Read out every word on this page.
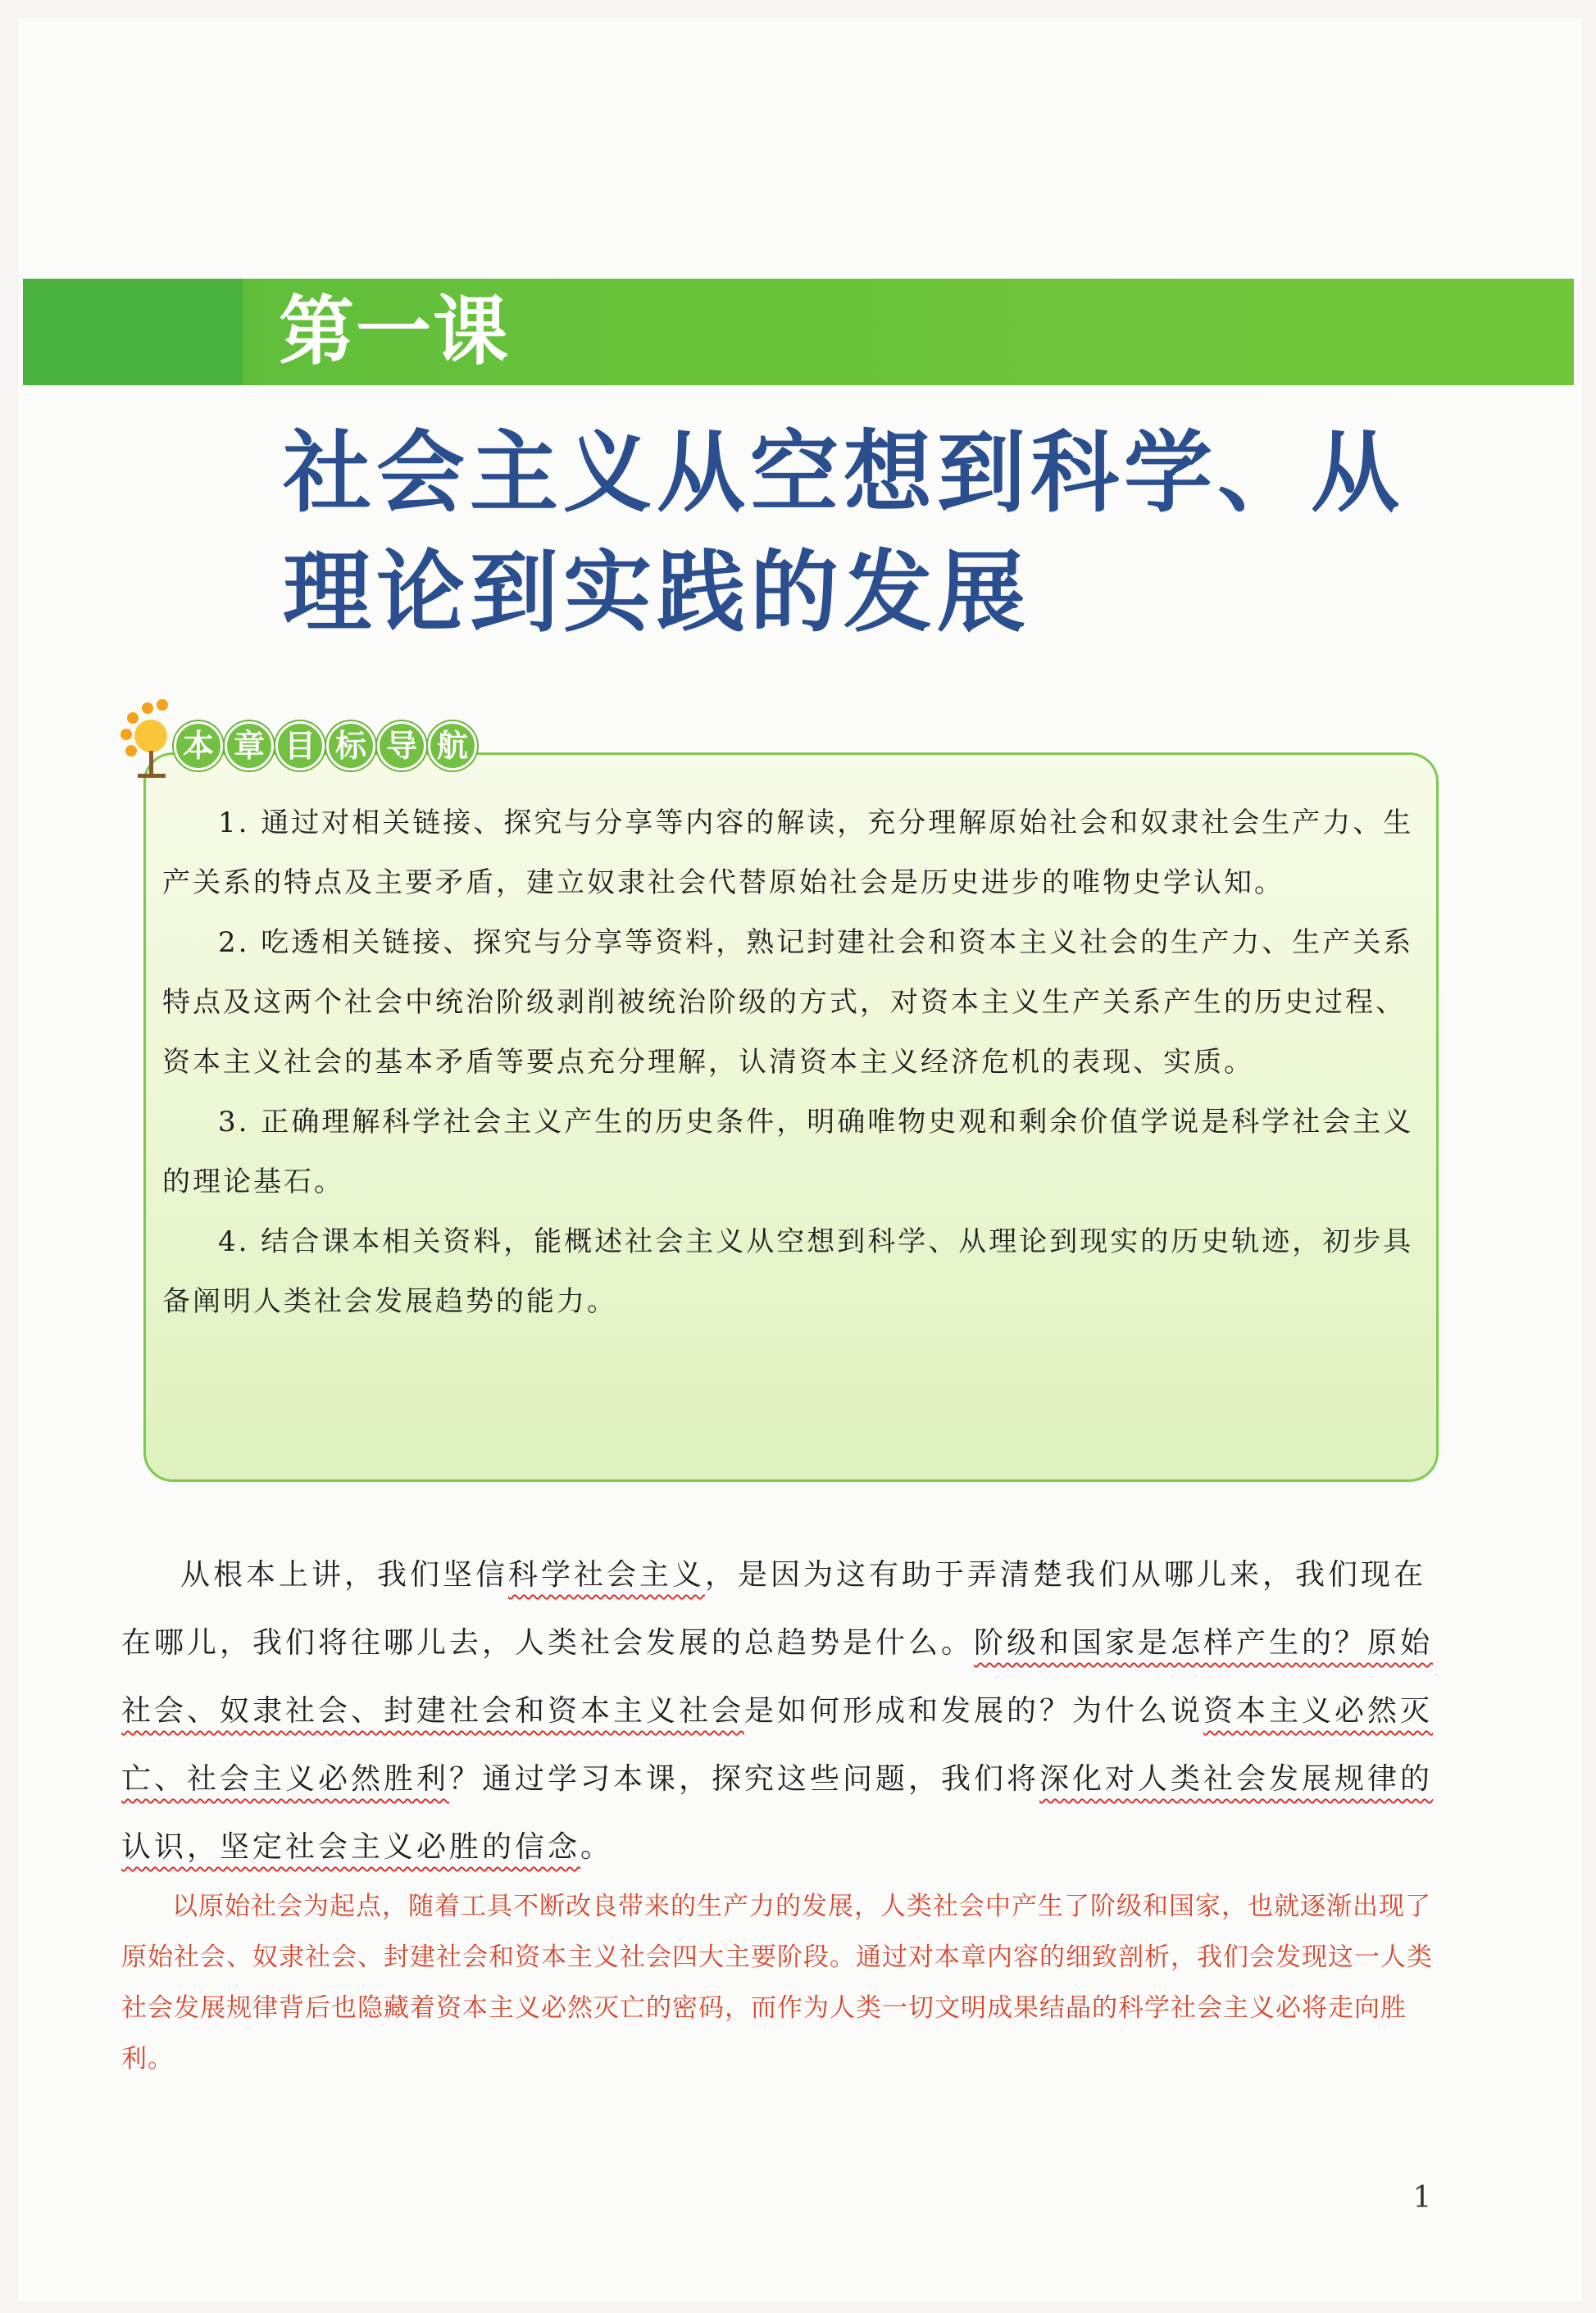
第一课
社会主义从空想到科学、从理论到实践的发展
本 章 目 标 导 航

1. 通过对相关链接、探究与分享等内容的解读，充分理解原始社会和奴隶社会生产力、生产关系的特点及主要矛盾，建立奴隶社会代替原始社会是历史进步的唯物史学认知。

2. 吃透相关链接、探究与分享等资料，熟记封建社会和资本主义社会的生产力、生产关系特点及这两个社会中统治阶级剥削被统治阶级的方式，对资本主义生产关系产生的历史过程、资本主义社会的基本矛盾等要点充分理解，认清资本主义经济危机的表现、实质。

3. 正确理解科学社会主义产生的历史条件，明确唯物史观和剩余价值学说是科学社会主义的理论基石。

4. 结合课本相关资料，能概述社会主义从空想到科学、从理论到现实的历史轨迹，初步具备阐明人类社会发展趋势的能力。

从根本上讲，我们坚信科学社会主义，是因为这有助于弄清楚我们从哪儿来，我们现在在哪儿，我们将往哪儿去，人类社会发展的总趋势是什么。阶级和国家是怎样产生的？原始社会、奴隶社会、封建社会和资本主义社会是如何形成和发展的？为什么说资本主义必然灭亡、社会主义必然胜利？通过学习本课，探究这些问题，我们将深化对人类社会发展规律的认识，坚定社会主义必胜的信念。

以原始社会为起点，随着工具不断改良带来的生产力的发展，人类社会中产生了阶级和国家，也就逐渐出现了原始社会、奴隶社会、封建社会和资本主义社会四大主要阶段。通过对本章内容的细致剖析，我们会发现这一人类社会发展规律背后也隐藏着资本主义必然灭亡的密码，而作为人类一切文明成果结晶的科学社会主义必将走向胜利。

1
